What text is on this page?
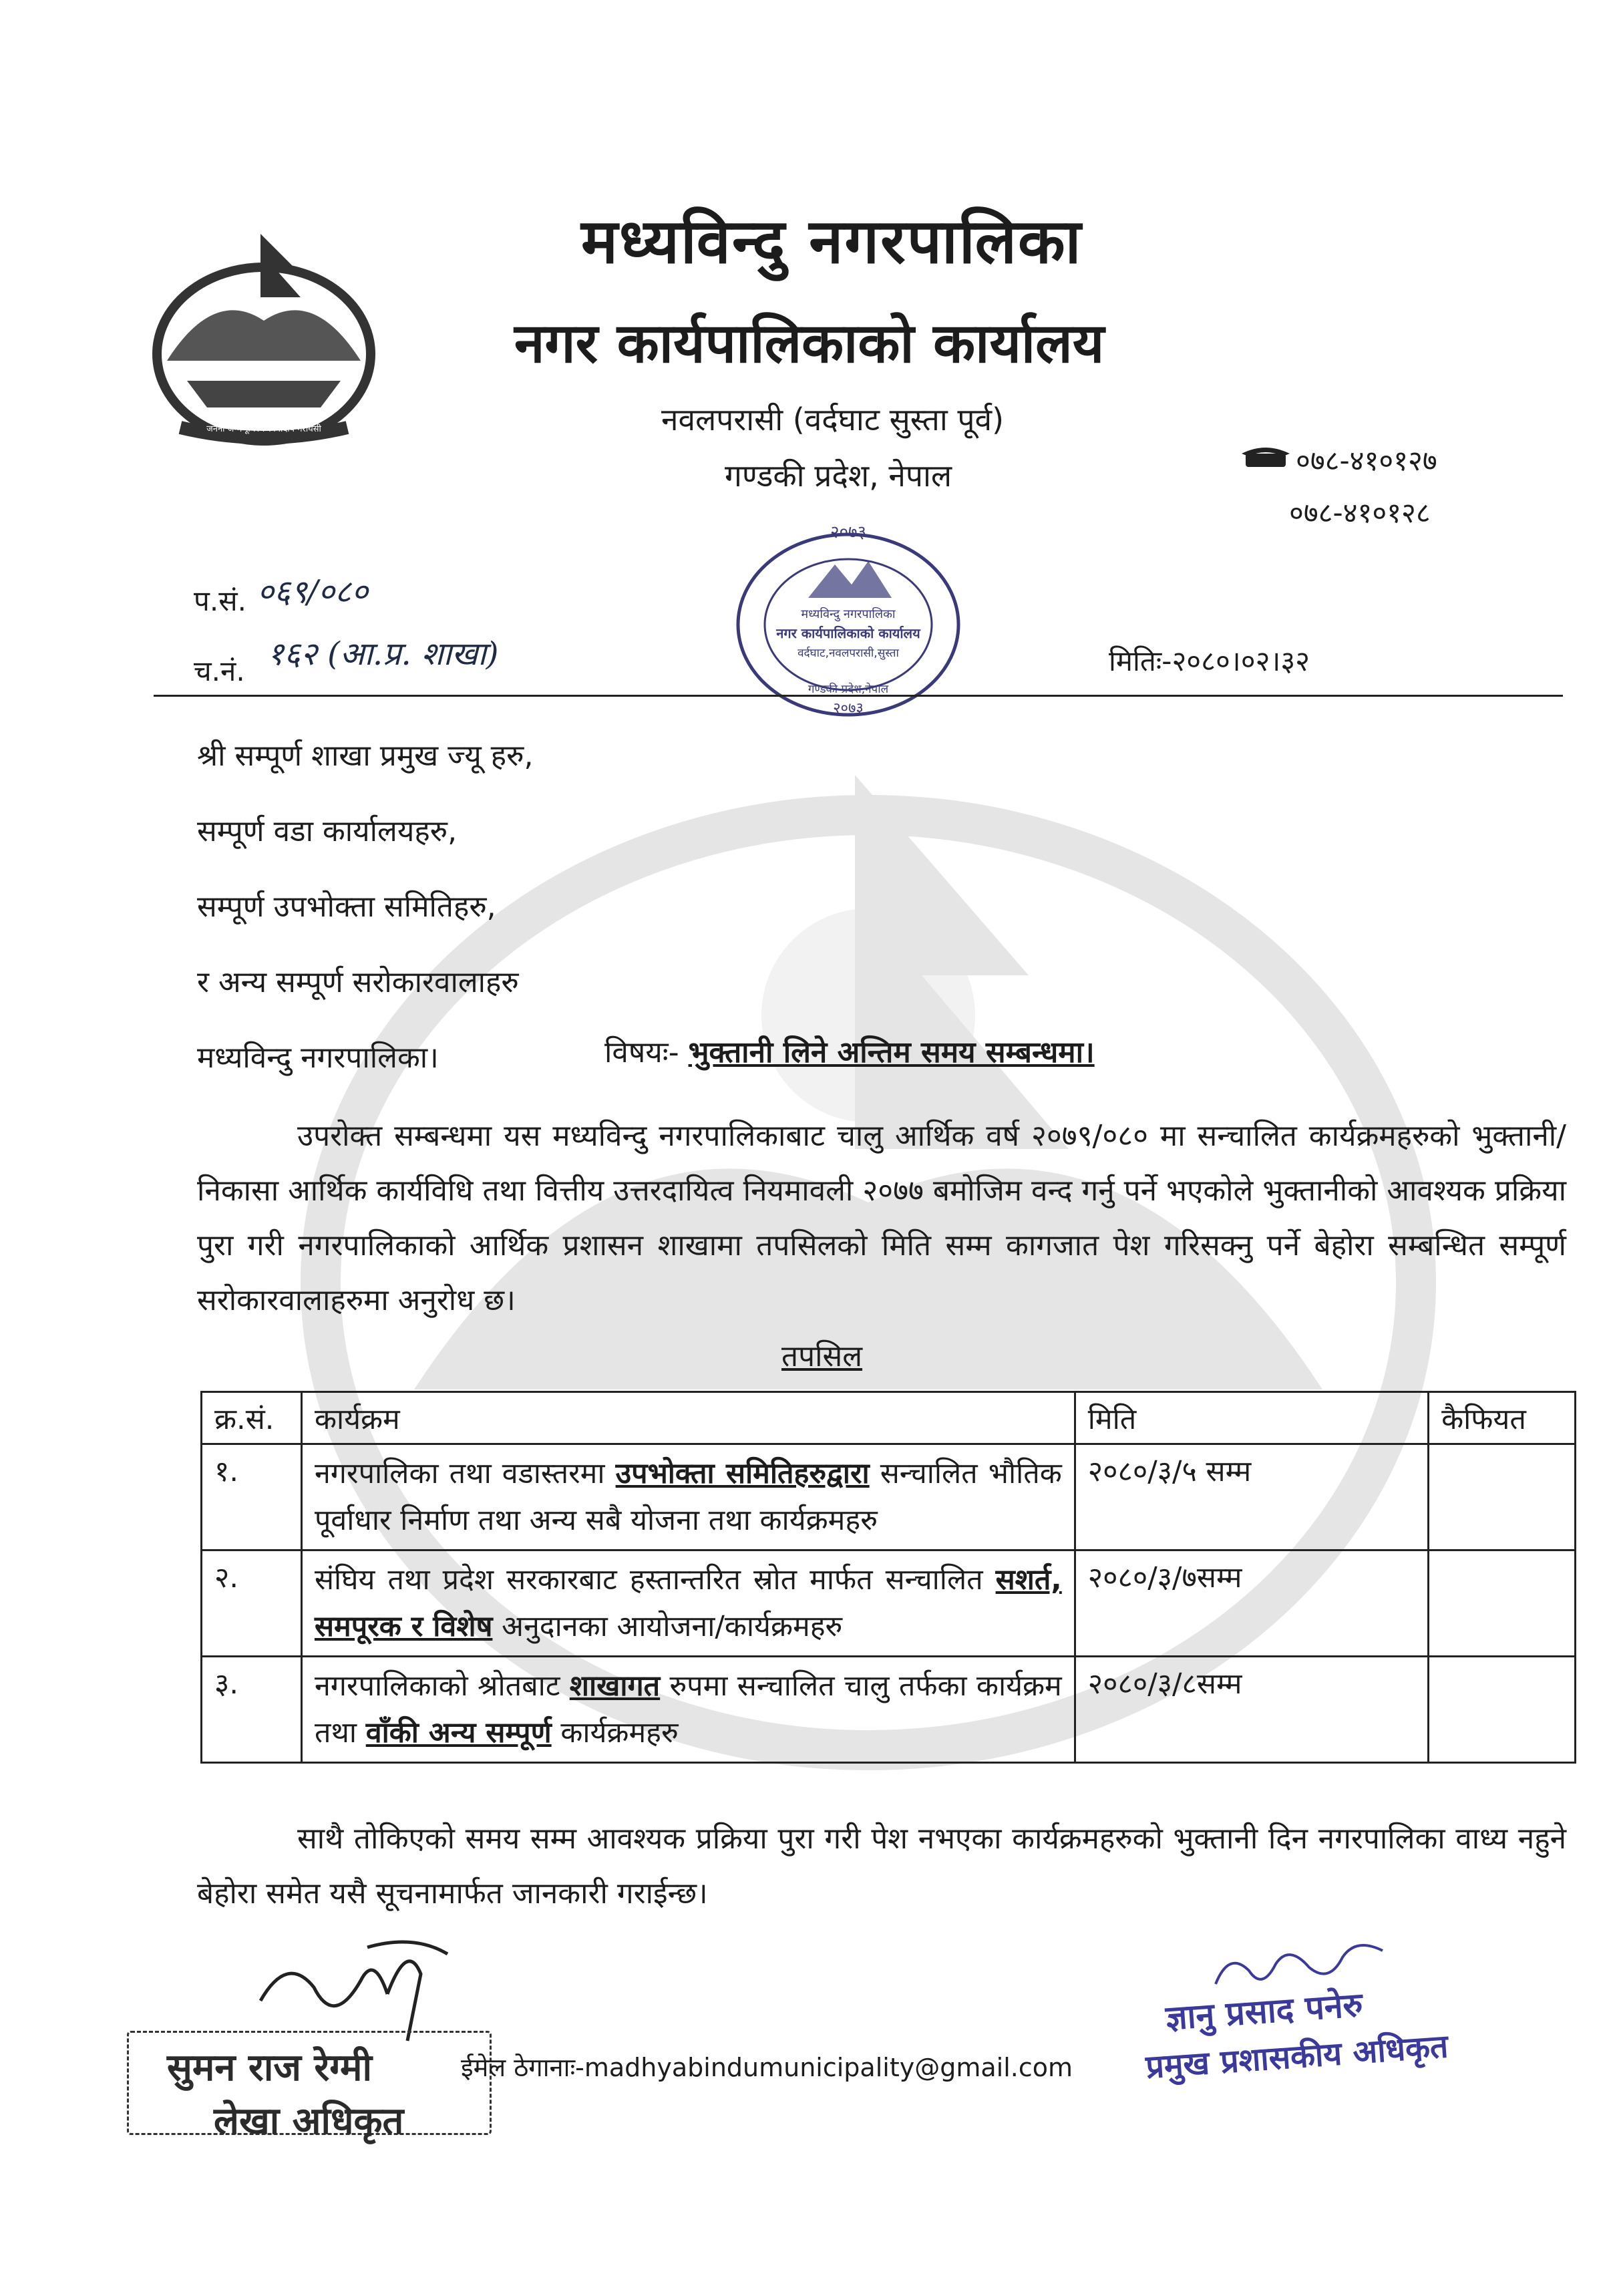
जननी जन्मभूमिश्च स्वर्गादपि गरीयसी
मध्यविन्दु नगरपालिका
नगर कार्यपालिकाको कार्यालय
नवलपरासी (वर्दघाट सुस्ता पूर्व)
गण्डकी प्रदेश, नेपाल	०७८-४१०१२७
०७८-४१०१२८
प.सं. ०६९/०८०
च.नं. १६२ (आ.प्र. शाखा)	मितिः-२०८०।०२।३२
२०७३
मध्यविन्दु नगरपालिका
नगर कार्यपालिकाको कार्यालय
वर्दघाट,नवलपरासी,सुस्ता
गण्डकी प्रदेश,नेपाल
२०७३
श्री सम्पूर्ण शाखा प्रमुख ज्यू हरु,
सम्पूर्ण वडा कार्यालयहरु,
सम्पूर्ण उपभोक्ता समितिहरु,
र अन्य सम्पूर्ण सरोकारवालाहरु
मध्यविन्दु नगरपालिका।	विषयः- भुक्तानी लिने अन्तिम समय सम्बन्धमा।
उपरोक्त सम्बन्धमा यस मध्यविन्दु नगरपालिकाबाट चालु आर्थिक वर्ष २०७९/०८० मा सन्चालित कार्यक्रमहरुको भुक्तानी/निकासा आर्थिक कार्यविधि तथा वित्तीय उत्तरदायित्व नियमावली २०७७ बमोजिम वन्द गर्नु पर्ने भएकोले भुक्तानीको आवश्यक प्रक्रिया पुरा गरी नगरपालिकाको आर्थिक प्रशासन शाखामा तपसिलको मिति सम्म कागजात पेश गरिसक्नु पर्ने बेहोरा सम्बन्धित सम्पूर्ण सरोकारवालाहरुमा अनुरोध छ।
तपसिल
क्र.सं.	कार्यक्रम	मिति	कैफियत
१.	नगरपालिका तथा वडास्तरमा उपभोक्ता समितिहरुद्वारा सन्चालित भौतिक पूर्वाधार निर्माण तथा अन्य सबै योजना तथा कार्यक्रमहरु	२०८०/३/५ सम्म	
२.	संघिय तथा प्रदेश सरकारबाट हस्तान्तरित स्रोत मार्फत सन्चालित सशर्त, समपूरक र विशेष अनुदानका आयोजना/कार्यक्रमहरु	२०८०/३/७सम्म	
३.	नगरपालिकाको श्रोतबाट शाखागत रुपमा सन्चालित चालु तर्फका कार्यक्रम तथा वाँकी अन्य सम्पूर्ण कार्यक्रमहरु	२०८०/३/८सम्म	
साथै तोकिएको समय सम्म आवश्यक प्रक्रिया पुरा गरी पेश नभएका कार्यक्रमहरुको भुक्तानी दिन नगरपालिका वाध्य नहुने बेहोरा समेत यसै सूचनामार्फत जानकारी गराईन्छ।
सुमन राज रेग्मी
लेखा अधिकृत
ईमेल ठेगानाः-madhyabindumunicipality@gmail.com
ज्ञानु प्रसाद पनेरु
प्रमुख प्रशासकीय अधिकृत
